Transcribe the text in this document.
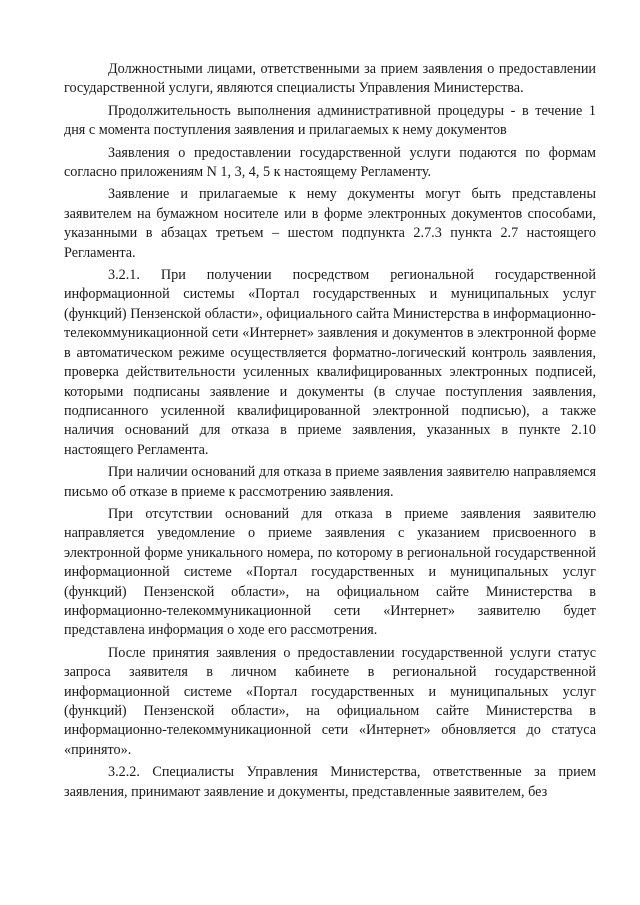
Должностными лицами, ответственными за прием заявления о предоставлении государственной услуги, являются специалисты Управления Министерства.

Продолжительность выполнения административной процедуры - в течение 1 дня с момента поступления заявления и прилагаемых к нему документов

Заявления о предоставлении государственной услуги подаются по формам согласно приложениям N 1, 3, 4, 5 к настоящему Регламенту.

Заявление и прилагаемые к нему документы могут быть представлены заявителем на бумажном носителе или в форме электронных документов способами, указанными в абзацах третьем – шестом подпункта 2.7.3 пункта 2.7 настоящего Регламента.

3.2.1. При получении посредством региональной государственной информационной системы «Портал государственных и муниципальных услуг (функций) Пензенской области», официального сайта Министерства в информационно-телекоммуникационной сети «Интернет» заявления и документов в электронной форме в автоматическом режиме осуществляется форматно-логический контроль заявления, проверка действительности усиленных квалифицированных электронных подписей, которыми подписаны заявление и документы (в случае поступления заявления, подписанного усиленной квалифицированной электронной подписью), а также наличия оснований для отказа в приеме заявления, указанных в пункте 2.10 настоящего Регламента.

При наличии оснований для отказа в приеме заявления заявителю направляемся письмо об отказе в приеме к рассмотрению заявления.

При отсутствии оснований для отказа в приеме заявления заявителю направляется уведомление о приеме заявления с указанием присвоенного в электронной форме уникального номера, по которому в региональной государственной информационной системе «Портал государственных и муниципальных услуг (функций) Пензенской области», на официальном сайте Министерства в информационно-телекоммуникационной сети «Интернет» заявителю будет представлена информация о ходе его рассмотрения.

После принятия заявления о предоставлении государственной услуги статус запроса заявителя в личном кабинете в региональной государственной информационной системе «Портал государственных и муниципальных услуг (функций) Пензенской области», на официальном сайте Министерства в информационно-телекоммуникационной сети «Интернет» обновляется до статуса «принято».

3.2.2. Специалисты Управления Министерства, ответственные за прием заявления, принимают заявление и документы, представленные заявителем, без
